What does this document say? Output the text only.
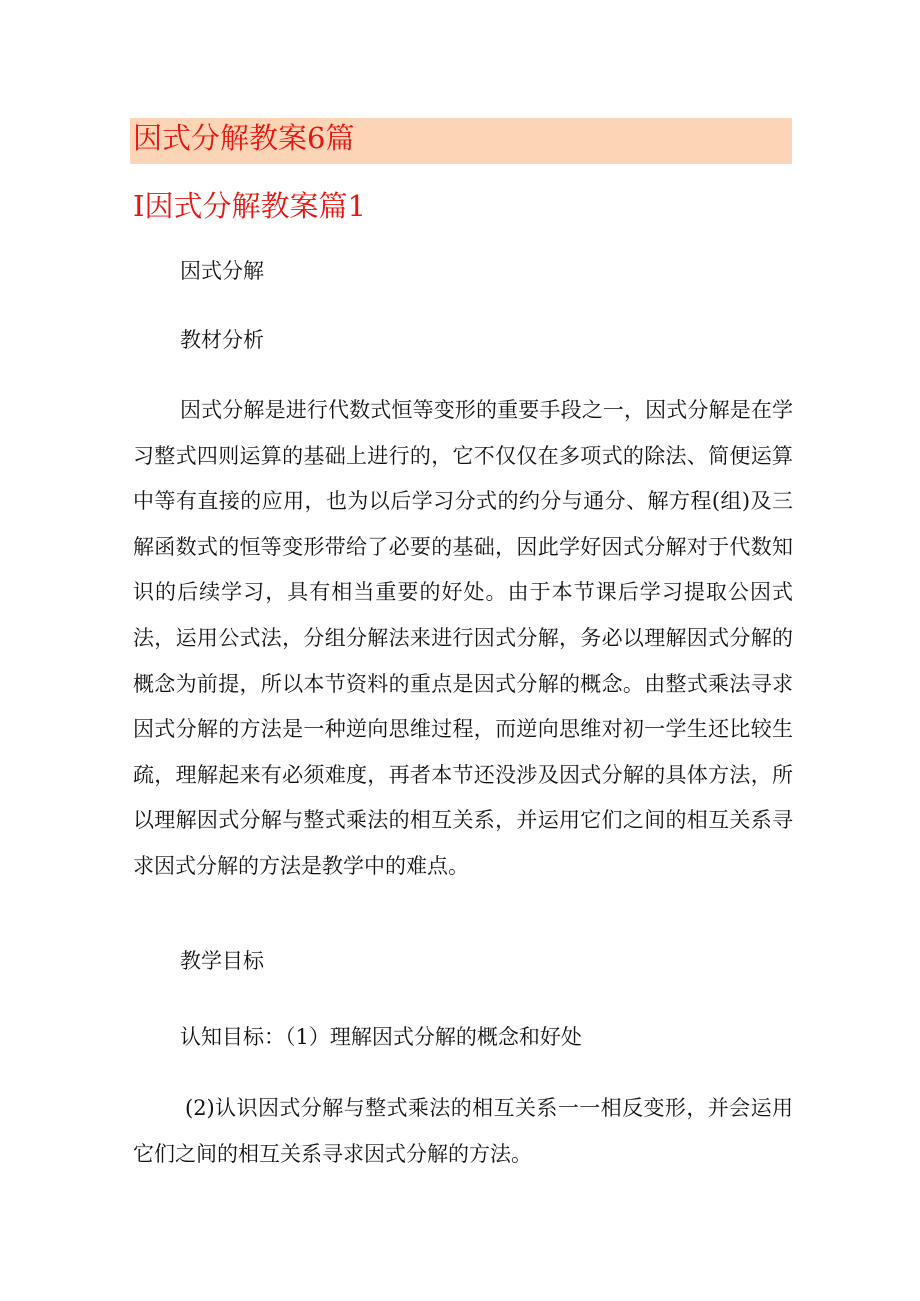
因式分解教案6篇
I因式分解教案篇1
因式分解
教材分析
因式分解是进行代数式恒等变形的重要手段之一，因式分解是在学习整式四则运算的基础上进行的，它不仅仅在多项式的除法、简便运算中等有直接的应用，也为以后学习分式的约分与通分、解方程(组)及三解函数式的恒等变形带给了必要的基础，因此学好因式分解对于代数知识的后续学习，具有相当重要的好处。由于本节课后学习提取公因式法，运用公式法，分组分解法来进行因式分解，务必以理解因式分解的概念为前提，所以本节资料的重点是因式分解的概念。由整式乘法寻求因式分解的方法是一种逆向思维过程，而逆向思维对初一学生还比较生疏，理解起来有必须难度，再者本节还没涉及因式分解的具体方法，所以理解因式分解与整式乘法的相互关系，并运用它们之间的相互关系寻求因式分解的方法是教学中的难点。
教学目标
认知目标：（1）理解因式分解的概念和好处
(2)认识因式分解与整式乘法的相互关系一一相反变形，并会运用它们之间的相互关系寻求因式分解的方法。
